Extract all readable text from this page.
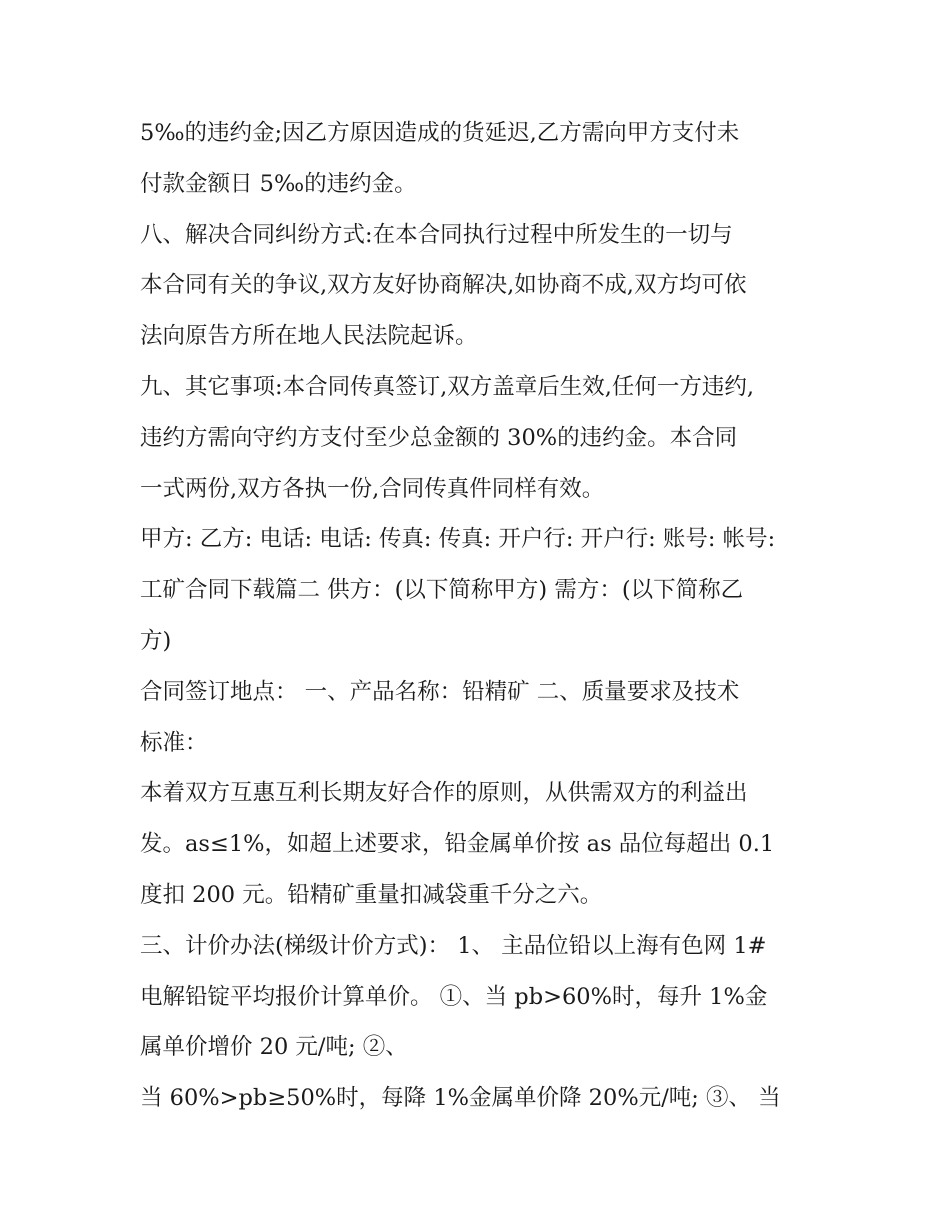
5‰的违约金;因乙方原因造成的货延迟,乙方需向甲方支付未
付款金额日 5‰的违约金。
八、解决合同纠纷方式:在本合同执行过程中所发生的一切与
本合同有关的争议,双方友好协商解决,如协商不成,双方均可依
法向原告方所在地人民法院起诉。
九、其它事项:本合同传真签订,双方盖章后生效,任何一方违约,
违约方需向守约方支付至少总金额的 30%的违约金。本合同
一式两份,双方各执一份,合同传真件同样有效。
甲方: 乙方: 电话: 电话: 传真: 传真: 开户行: 开户行: 账号: 帐号:
工矿合同下载篇二 供方：(以下简称甲方) 需方：(以下简称乙
方)
合同签订地点： 一、产品名称：铅精矿 二、质量要求及技术
标准：
本着双方互惠互利长期友好合作的原则，从供需双方的利益出
发。as≤1%，如超上述要求，铅金属单价按 as 品位每超出 0.1
度扣 200 元。铅精矿重量扣减袋重千分之六。
三、计价办法(梯级计价方式)： 1、 主品位铅以上海有色网 1#
电解铅锭平均报价计算单价。 ①、当 pb>60%时，每升 1%金
属单价增价 20 元/吨; ②、
当 60%>pb≥50%时，每降 1%金属单价降 20%元/吨; ③、 当
